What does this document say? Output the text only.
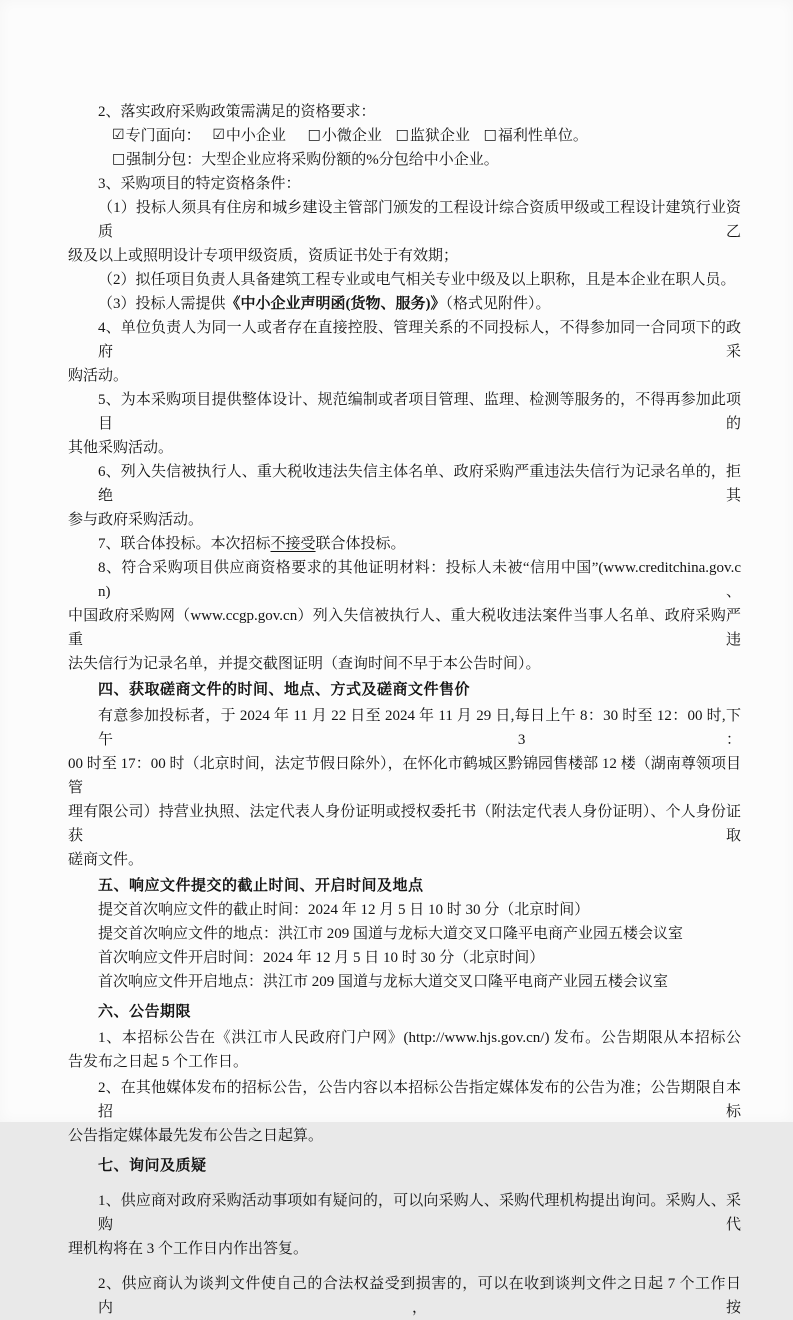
2、落实政府采购政策需满足的资格要求：
☑专门面向： ☑中小企业 □小微企业 □监狱企业 □福利性单位。
□强制分包：大型企业应将采购份额的%分包给中小企业。
3、采购项目的特定资格条件：
（1）投标人须具有住房和城乡建设主管部门颁发的工程设计综合资质甲级或工程设计建筑行业资质乙
级及以上或照明设计专项甲级资质，资质证书处于有效期；
（2）拟任项目负责人具备建筑工程专业或电气相关专业中级及以上职称，且是本企业在职人员。
（3）投标人需提供《中小企业声明函(货物、服务)》（格式见附件）。
4、单位负责人为同一人或者存在直接控股、管理关系的不同投标人，不得参加同一合同项下的政府采
购活动。
5、为本采购项目提供整体设计、规范编制或者项目管理、监理、检测等服务的，不得再参加此项目的
其他采购活动。
6、列入失信被执行人、重大税收违法失信主体名单、政府采购严重违法失信行为记录名单的，拒绝其
参与政府采购活动。
7、联合体投标。本次招标不接受联合体投标。
8、符合采购项目供应商资格要求的其他证明材料：投标人未被“信用中国”(www.creditchina.gov.cn)、
中国政府采购网（www.ccgp.gov.cn）列入失信被执行人、重大税收违法案件当事人名单、政府采购严重违
法失信行为记录名单，并提交截图证明（查询时间不早于本公告时间）。
四、获取磋商文件的时间、地点、方式及磋商文件售价
有意参加投标者，于 2024 年 11 月 22 日至 2024 年 11 月 29 日,每日上午 8：30 时至 12：00 时,下午 3：
00 时至 17：00 时（北京时间，法定节假日除外），在怀化市鹤城区黔锦园售楼部 12 楼（湖南尊领项目管
理有限公司）持营业执照、法定代表人身份证明或授权委托书（附法定代表人身份证明）、个人身份证获取
磋商文件。
五、响应文件提交的截止时间、开启时间及地点
提交首次响应文件的截止时间：2024 年 12 月 5 日 10 时 30 分（北京时间）
提交首次响应文件的地点：洪江市 209 国道与龙标大道交叉口隆平电商产业园五楼会议室
首次响应文件开启时间：2024 年 12 月 5 日 10 时 30 分（北京时间）
首次响应文件开启地点：洪江市 209 国道与龙标大道交叉口隆平电商产业园五楼会议室
六、公告期限
1、本招标公告在《洪江市人民政府门户网》(http://www.hjs.gov.cn/) 发布。公告期限从本招标公
告发布之日起 5 个工作日。
2、在其他媒体发布的招标公告，公告内容以本招标公告指定媒体发布的公告为准；公告期限自本招标
公告指定媒体最先发布公告之日起算。
七、询问及质疑
1、供应商对政府采购活动事项如有疑问的，可以向采购人、采购代理机构提出询问。采购人、采购代
理机构将在 3 个工作日内作出答复。
2、供应商认为谈判文件使自己的合法权益受到损害的，可以在收到谈判文件之日起 7 个工作日内，按
